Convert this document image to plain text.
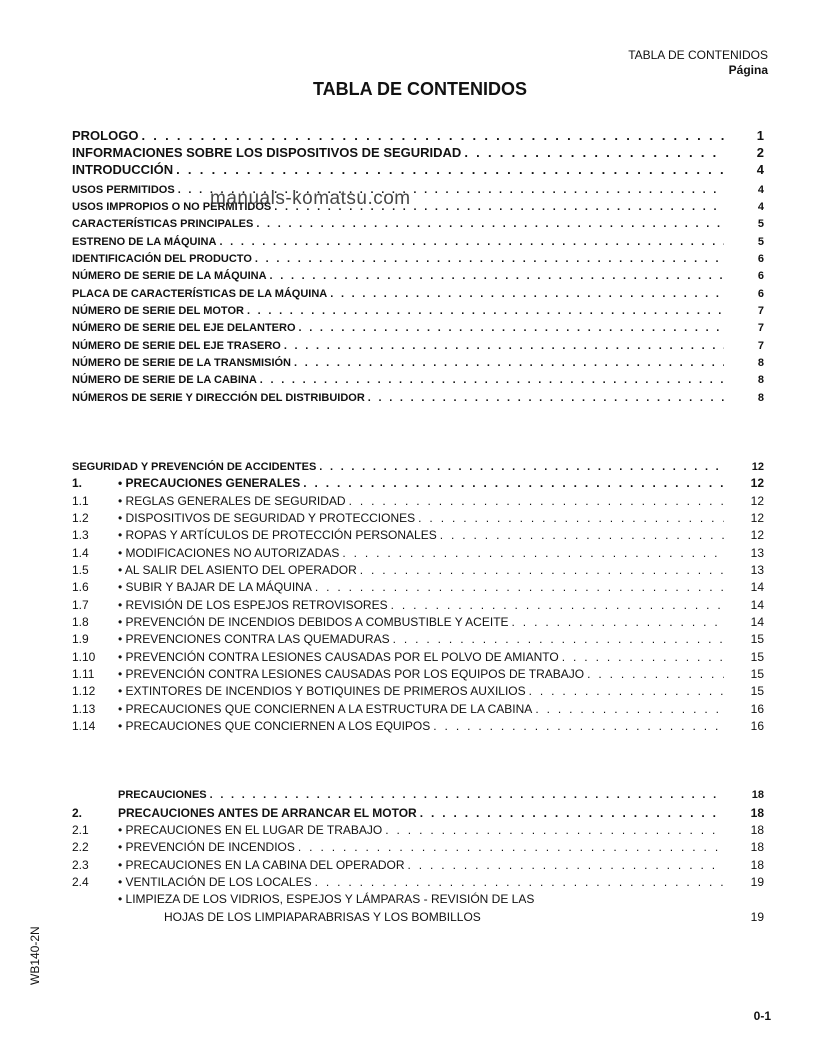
TABLA DE CONTENIDOS
Página
TABLA DE CONTENIDOS
PROLOGO . . .	1
INFORMACIONES SOBRE LOS DISPOSITIVOS DE SEGURIDAD . . .	2
INTRODUCCIÓN . . .	4
USOS PERMITIDOS . . .	4
USOS IMPROPIOS O NO PERMITIDOS . . .	4
CARACTERÍSTICAS PRINCIPALES . . .	5
ESTRENO DE LA MÁQUINA . . .	5
IDENTIFICACIÓN DEL PRODUCTO . . .	6
NÚMERO DE SERIE DE LA MÁQUINA . . .	6
PLACA DE CARACTERÍSTICAS DE LA MÁQUINA . . .	6
NÚMERO DE SERIE DEL MOTOR . . .	7
NÚMERO DE SERIE DEL EJE DELANTERO . . .	7
NÚMERO DE SERIE DEL EJE TRASERO . . .	7
NÚMERO DE SERIE DE LA TRANSMISIÓN . . .	8
NÚMERO DE SERIE DE LA CABINA . . .	8
NÚMEROS DE SERIE Y DIRECCIÓN DEL DISTRIBUIDOR . . .	8
SEGURIDAD Y PREVENCIÓN DE ACCIDENTES . . .	12
1.	• PRECAUCIONES GENERALES . . .	12
1.1	• REGLAS GENERALES DE SEGURIDAD . . .	12
1.2	• DISPOSITIVOS DE SEGURIDAD Y PROTECCIONES . . .	12
1.3	• ROPAS Y ARTÍCULOS DE PROTECCIÓN PERSONALES . . .	12
1.4	• MODIFICACIONES NO AUTORIZADAS . . .	13
1.5	• AL SALIR DEL ASIENTO DEL OPERADOR . . .	13
1.6	• SUBIR Y BAJAR DE LA MÁQUINA . . .	14
1.7	• REVISIÓN DE LOS ESPEJOS RETROVISORES . . .	14
1.8	• PREVENCIÓN DE INCENDIOS DEBIDOS A COMBUSTIBLE Y ACEITE . . .	14
1.9	• PREVENCIONES CONTRA LAS QUEMADURAS . . .	15
1.10	• PREVENCIÓN CONTRA LESIONES CAUSADAS POR EL POLVO DE AMIANTO . . .	15
1.11	• PREVENCIÓN CONTRA LESIONES CAUSADAS POR LOS EQUIPOS DE TRABAJO . . .	15
1.12	• EXTINTORES DE INCENDIOS Y BOTIQUINES DE PRIMEROS AUXILIOS . . .	15
1.13	• PRECAUCIONES QUE CONCIERNEN A LA ESTRUCTURA DE LA CABINA . . .	16
1.14	• PRECAUCIONES QUE CONCIERNEN A LOS EQUIPOS . . .	16
PRECAUCIONES . . .	18
2.	PRECAUCIONES ANTES DE ARRANCAR EL MOTOR . . .	18
2.1	• PRECAUCIONES EN EL LUGAR DE TRABAJO . . .	18
2.2	• PREVENCIÓN DE INCENDIOS . . .	18
2.3	• PRECAUCIONES EN LA CABINA DEL OPERADOR . . .	18
2.4	• VENTILACIÓN DE LOS LOCALES . . .	19
• LIMPIEZA DE LOS VIDRIOS, ESPEJOS Y LÁMPARAS - REVISIÓN DE LAS
HOJAS DE LOS LIMPIAPARABRISAS Y LOS BOMBILLOS	19
manuals-komatsu.com
WB140-2N
0-1
